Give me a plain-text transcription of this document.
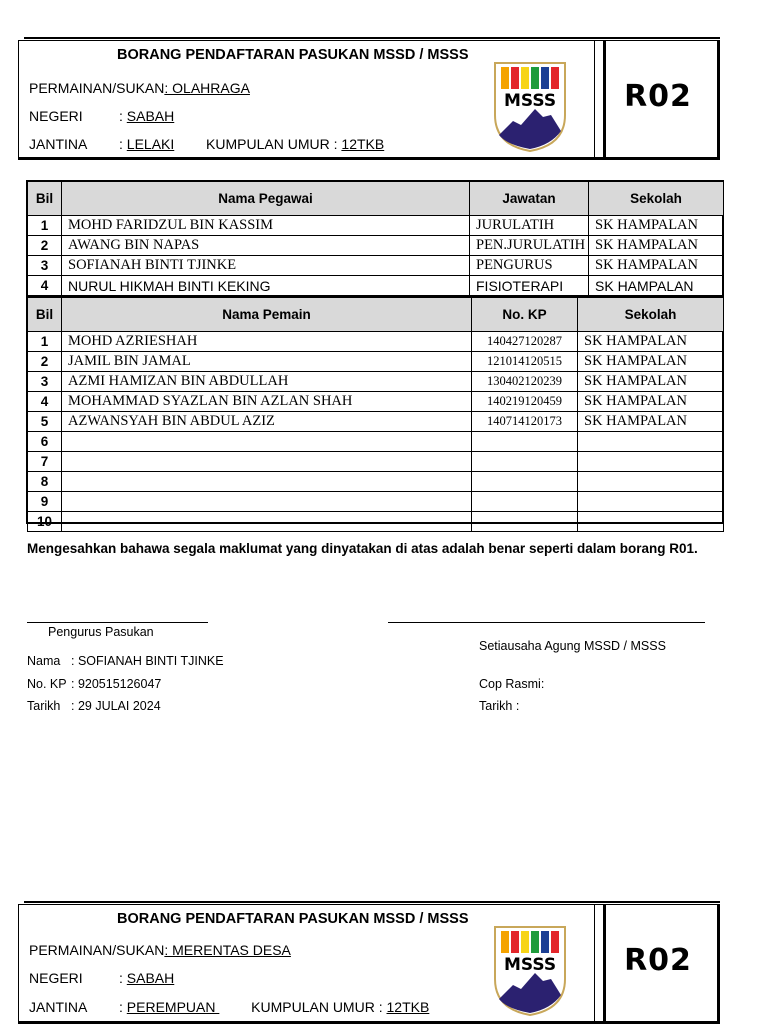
BORANG PENDAFTARAN PASUKAN MSSD / MSSS
PERMAINAN/SUKAN: OLAHRAGA
NEGERI	: SABAH
JANTINA : LELAKI KUMPULAN UMUR : 12TKB
MSSS	R02
Bil	Nama Pegawai	Jawatan	Sekolah
1	MOHD FARIDZUL BIN KASSIM	JURULATIH	SK HAMPALAN
2	AWANG BIN NAPAS	PEN.JURULATIH	SK HAMPALAN
3	SOFIANAH BINTI TJINKE	PENGURUS	SK HAMPALAN
4	NURUL HIKMAH BINTI KEKING	FISIOTERAPI	SK HAMPALAN
Bil	Nama Pemain	No. KP	Sekolah
1	MOHD AZRIESHAH	140427120287	SK HAMPALAN
2	JAMIL BIN JAMAL	121014120515	SK HAMPALAN
3	AZMI HAMIZAN BIN ABDULLAH	130402120239	SK HAMPALAN
4	MOHAMMAD SYAZLAN BIN AZLAN SHAH	140219120459	SK HAMPALAN
5	AZWANSYAH BIN ABDUL AZIZ	140714120173	SK HAMPALAN
6			
7			
8			
9			
10			
Mengesahkan bahawa segala maklumat yang dinyatakan di atas adalah benar seperti dalam borang R01.
Pengurus Pasukan
Nama : SOFIANAH BINTI TJINKE
No. KP : 920515126047
Tarikh : 29 JULAI 2024
Setiausaha Agung MSSD / MSSS
Cop Rasmi:
Tarikh :
BORANG PENDAFTARAN PASUKAN MSSD / MSSS
PERMAINAN/SUKAN: MERENTAS DESA
NEGERI	: SABAH
JANTINA : PEREMPUAN   KUMPULAN UMUR : 12TKB
MSSS	R02
